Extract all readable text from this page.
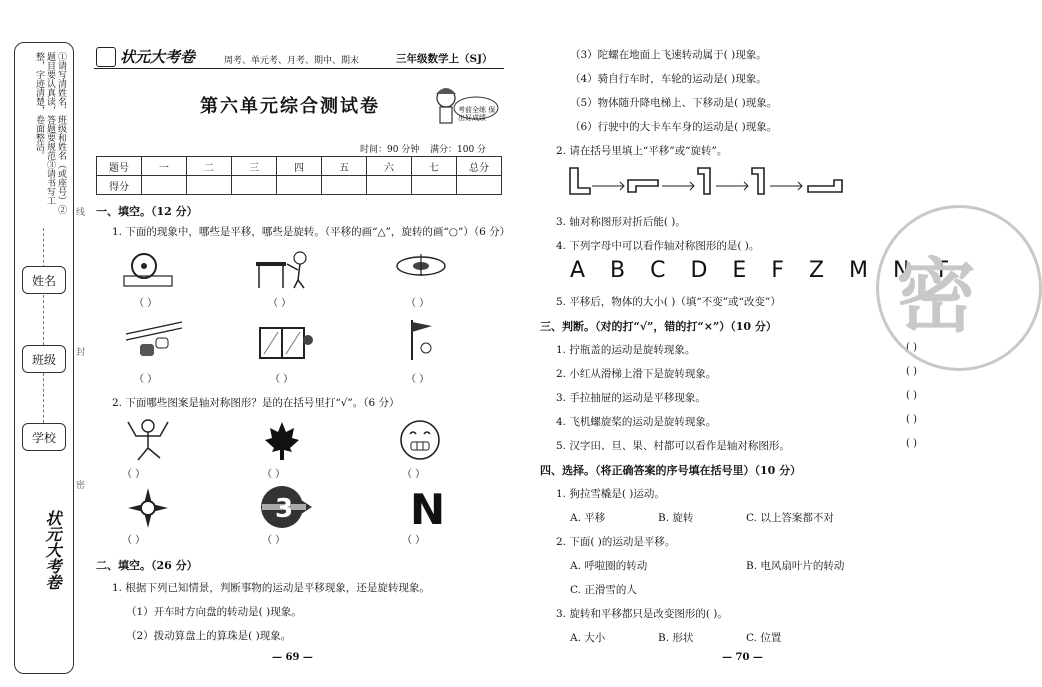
①请写清姓名、班级和姓名（或座号）②题目要认真读，答题要规范③请书写工整，字迹清楚，卷面整洁。
姓名
班级
学校
状元大考卷
线
封
密
状元大考卷	周考、单元考、月考、期中、期末	三年级数学上（SJ）
第六单元综合测试卷	考前全练 保出好成绩
时间：90 分钟 满分：100 分
题号	一	二	三	四	五	六	七	总分
得分								
一、填空。（12 分）
1. 下面的现象中，哪些是平移，哪些是旋转。（平移的画“△”，旋转的画“○”）（6 分）
（ ）	（ ）	（ ）
（ ）	（ ）	（ ）
2. 下面哪些图案是轴对称图形？是的在括号里打“√”。（6 分）
（ ）	（ ）	（ ）
3	N
（ ）	（ ）	（ ）
二、填空。（26 分）
1. 根据下列已知情景，判断事物的运动是平移现象，还是旋转现象。
（1）开车时方向盘的转动是( )现象。
（2）拨动算盘上的算珠是( )现象。
— 69 —
（3）陀螺在地面上飞速转动属于( )现象。
（4）骑自行车时，车轮的运动是( )现象。
（5）物体随升降电梯上、下移动是( )现象。
（6）行驶中的大卡车车身的运动是( )现象。
2. 请在括号里填上“平移”或“旋转”。
3. 轴对称图形对折后能( )。
4. 下列字母中可以看作轴对称图形的是( )。
A B C D E F Z M N T
5. 平移后，物体的大小( )（填“不变”或“改变”）
三、判断。（对的打“√”，错的打“×”）（10 分）
1. 拧瓶盖的运动是旋转现象。
2. 小红从滑梯上滑下是旋转现象。
3. 手拉抽屉的运动是平移现象。
4. 飞机螺旋桨的运动是旋转现象。
5. 汉字田、旦、果、村都可以看作是轴对称图形。
( )
( )
( )
( )
( )
四、选择。（将正确答案的序号填在括号里）（10 分）
1. 狗拉雪橇是( )运动。
A. 平移	B. 旋转	C. 以上答案都不对
2. 下面( )的运动是平移。
A. 呼啦圈的转动	B. 电风扇叶片的转动
C. 正滑雪的人
3. 旋转和平移都只是改变图形的( )。
A. 大小	B. 形状	C. 位置
— 70 —
密
